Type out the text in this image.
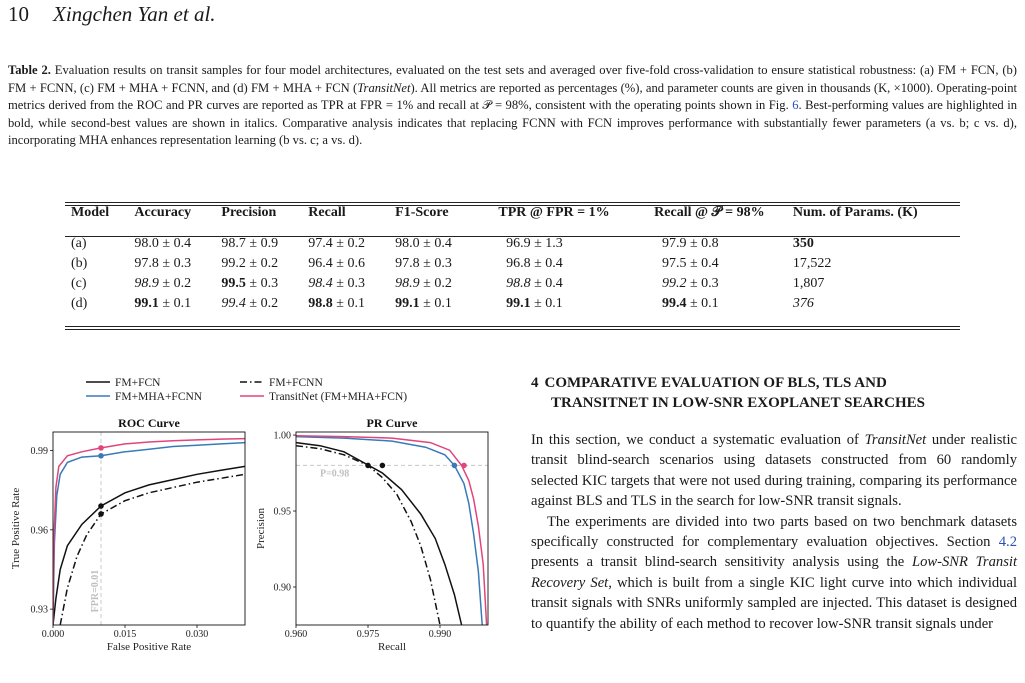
10 Xingchen Yan et al.
Table 2. Evaluation results on transit samples for four model architectures, evaluated on the test sets and averaged over five-fold cross-validation to ensure statistical robustness: (a) FM + FCN, (b) FM + FCNN, (c) FM + MHA + FCNN, and (d) FM + MHA + FCN (TransitNet). All metrics are reported as percentages (%), and parameter counts are given in thousands (K, ×1000). Operating-point metrics derived from the ROC and PR curves are reported as TPR at FPR = 1% and recall at 𝒫 = 98%, consistent with the operating points shown in Fig. 6. Best-performing values are highlighted in bold, while second-best values are shown in italics. Comparative analysis indicates that replacing FCNN with FCN improves performance with substantially fewer parameters (a vs. b; c vs. d), incorporating MHA enhances representation learning (b vs. c; a vs. d).
Model	Accuracy	Precision	Recall	F1-Score	TPR @ FPR = 1%	Recall @ 𝒫 = 98%	Num. of Params. (K)
(a)	98.0 ± 0.4	98.7 ± 0.9	97.4 ± 0.2	98.0 ± 0.4	96.9 ± 1.3	97.9 ± 0.8	350
(b)	97.8 ± 0.3	99.2 ± 0.2	96.4 ± 0.6	97.8 ± 0.3	96.8 ± 0.4	97.5 ± 0.4	17,522
(c)	98.9 ± 0.2	99.5 ± 0.3	98.4 ± 0.3	98.9 ± 0.2	98.8 ± 0.4	99.2 ± 0.3	1,807
(d)	99.1 ± 0.1	99.4 ± 0.2	98.8 ± 0.1	99.1 ± 0.1	99.1 ± 0.1	99.4 ± 0.1	376
FM+FCN	FM+FCNN
FM+MHA+FCNN	TransitNet (FM+MHA+FCN)
ROC Curve
FPR=0.01
0.000	0.015	0.030
0.93
0.96
0.99
False Positive Rate
True Positive Rate
PR Curve
P=0.98
0.960	0.975	0.990
0.90
0.95
1.00
Recall
Precision
4 COMPARATIVE EVALUATION OF BLS, TLS AND
TRANSITNET IN LOW-SNR EXOPLANET SEARCHES

In this section, we conduct a systematic evaluation of TransitNet under realistic transit blind-search scenarios using datasets constructed from 60 randomly selected KIC targets that were not used during training, comparing its performance against BLS and TLS in the search for low-SNR transit signals.

The experiments are divided into two parts based on two benchmark datasets specifically constructed for complementary evaluation objectives. Section 4.2 presents a transit blind-search sensitivity analysis using the Low-SNR Transit Recovery Set, which is built from a single KIC light curve into which individual transit signals with SNRs uniformly sampled are injected. This dataset is designed to quantify the ability of each method to recover low-SNR transit signals under
